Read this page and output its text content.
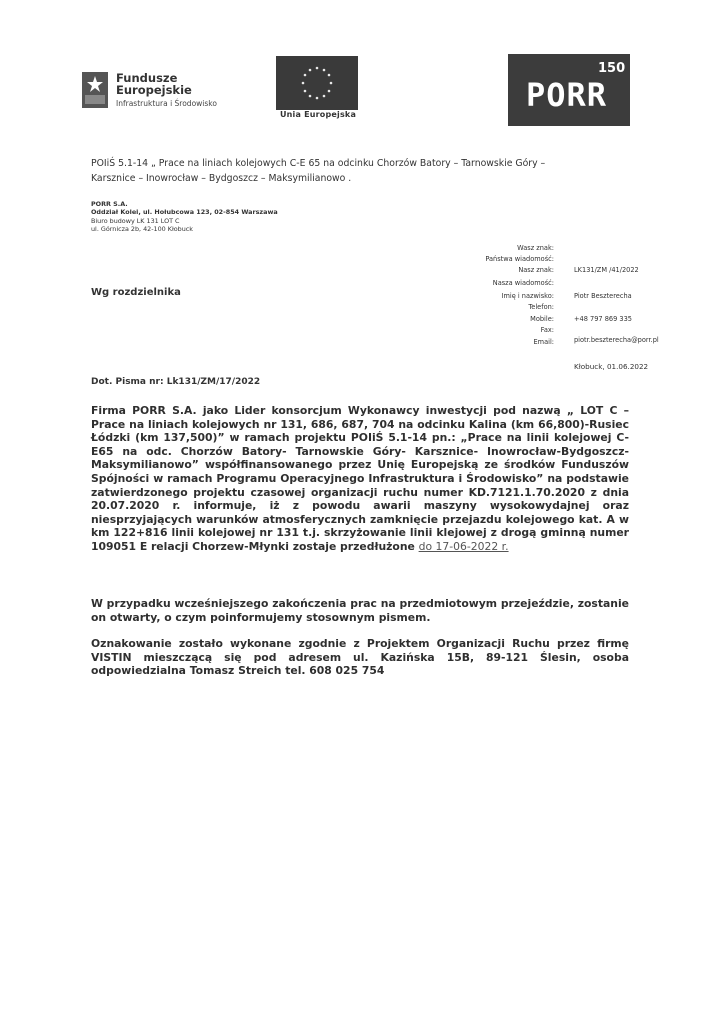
Fundusze
Europejskie
Infrastruktura i Środowisko
Unia Europejska
PORR
150
POIiŚ 5.1-14 „ Prace na liniach kolejowych C-E 65 na odcinku Chorzów Batory – Tarnowskie Góry –
Karsznice – Inowrocław – Bydgoszcz – Maksymilianowo .
PORR S.A.
Oddział Kolei, ul. Hołubcowa 123, 02-854 Warszawa
Biuro budowy LK 131 LOT C
ul. Górnicza 2b, 42-100 Kłobuck
Wg rozdzielnika
Wasz znak:
Państwa wiadomość:
Nasz znak:	LK131/ZM /41/2022
Nasza wiadomość:
Imię i nazwisko:	Piotr Beszterecha
Telefon:
Mobile:	+48 797 869 335
Fax:
Email:	piotr.beszterecha@porr.pl
Kłobuck, 01.06.2022
Dot. Pisma nr: Lk131/ZM/17/2022
Firma PORR S.A. jako Lider konsorcjum Wykonawcy inwestycji pod nazwą „ LOT C – Prace na liniach kolejowych nr 131, 686, 687, 704 na odcinku Kalina (km 66,800)-Rusiec Łódzki (km 137,500)” w ramach projektu POIiŚ 5.1-14 pn.: „Prace na linii kolejowej C-E65 na odc. Chorzów Batory- Tarnowskie Góry- Karsznice- Inowrocław-Bydgoszcz- Maksymilianowo” współfinansowanego przez Unię Europejską ze środków Funduszów Spójności w ramach Programu Operacyjnego Infrastruktura i Środowisko” na podstawie zatwierdzonego projektu czasowej organizacji ruchu numer KD.7121.1.70.2020 z dnia 20.07.2020 r. informuje, iż z powodu awarii maszyny wysokowydajnej oraz niesprzyjających warunków atmosferycznych zamknięcie przejazdu kolejowego kat. A w km 122+816 linii kolejowej nr 131 t.j. skrzyżowanie linii klejowej z drogą gminną numer 109051 E relacji Chorzew-Młynki zostaje przedłużone do 17-06-2022 r.
W przypadku wcześniejszego zakończenia prac na przedmiotowym przejeździe, zostanie on otwarty, o czym poinformujemy stosownym pismem.
Oznakowanie zostało wykonane zgodnie z Projektem Organizacji Ruchu przez firmę VISTIN mieszczącą się pod adresem ul. Kazińska 15B, 89-121 Ślesin, osoba odpowiedzialna Tomasz Streich tel. 608 025 754
